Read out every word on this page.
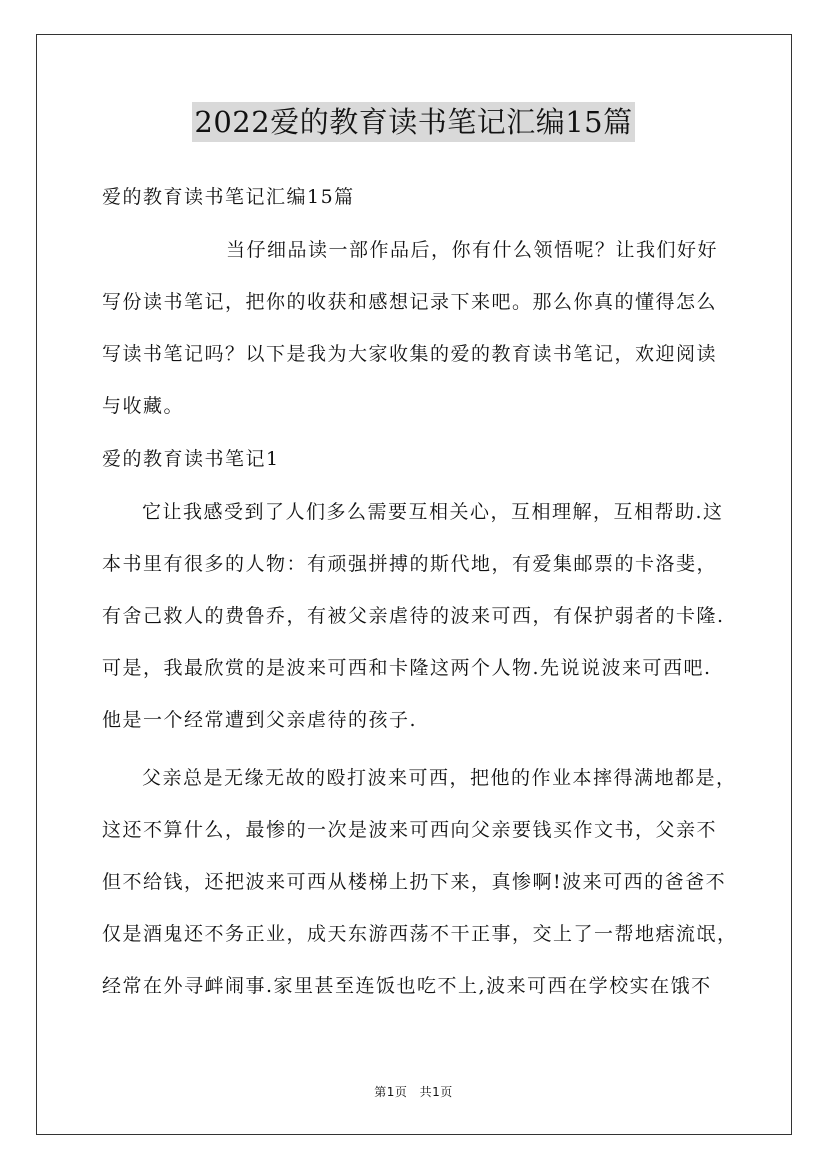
2022爱的教育读书笔记汇编15篇

爱的教育读书笔记汇编15篇

当仔细品读一部作品后，你有什么领悟呢？让我们好好

写份读书笔记，把你的收获和感想记录下来吧。那么你真的懂得怎么

写读书笔记吗？以下是我为大家收集的爱的教育读书笔记，欢迎阅读

与收藏。

爱的教育读书笔记1

它让我感受到了人们多么需要互相关心，互相理解，互相帮助.这

本书里有很多的人物：有顽强拼搏的斯代地，有爱集邮票的卡洛斐，

有舍己救人的费鲁乔，有被父亲虐待的波来可西，有保护弱者的卡隆.

可是，我最欣赏的是波来可西和卡隆这两个人物.先说说波来可西吧.

他是一个经常遭到父亲虐待的孩子.

父亲总是无缘无故的殴打波来可西，把他的作业本摔得满地都是，

这还不算什么，最惨的一次是波来可西向父亲要钱买作文书，父亲不

但不给钱，还把波来可西从楼梯上扔下来，真惨啊!波来可西的爸爸不

仅是酒鬼还不务正业，成天东游西荡不干正事，交上了一帮地痞流氓，

经常在外寻衅闹事.家里甚至连饭也吃不上,波来可西在学校实在饿不

第1页 共1页
